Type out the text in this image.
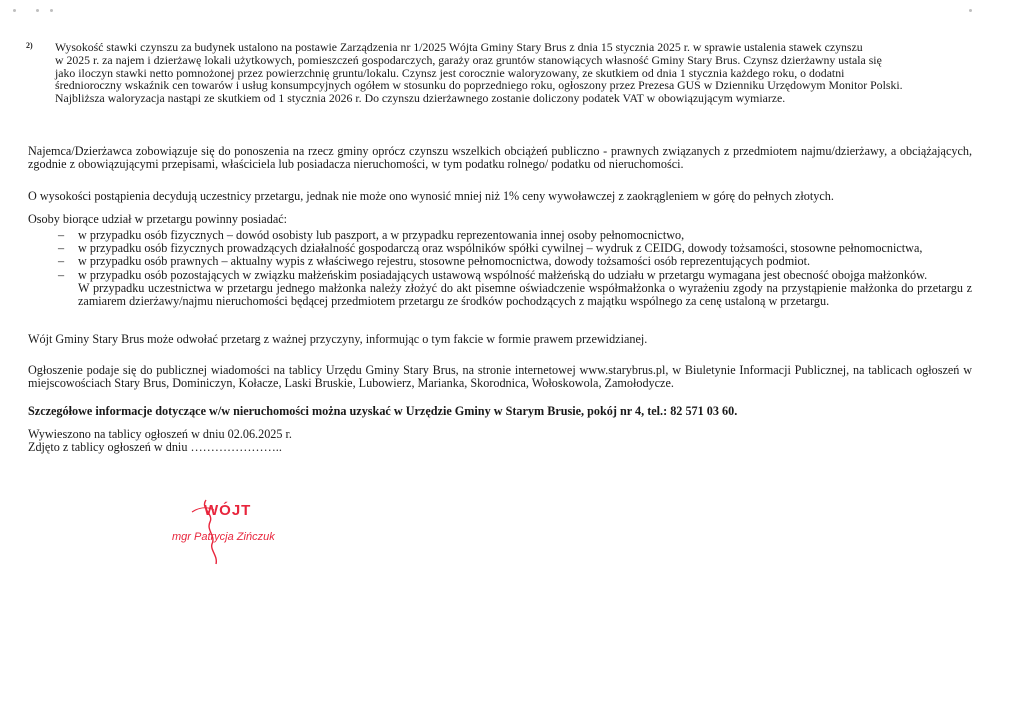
2) Wysokość stawki czynszu za budynek ustalono na postawie Zarządzenia nr 1/2025 Wójta Gminy Stary Brus z dnia 15 stycznia 2025 r. w sprawie ustalenia stawek czynszu
w 2025 r. za najem i dzierżawę lokali użytkowych, pomieszczeń gospodarczych, garaży oraz gruntów stanowiących własność Gminy Stary Brus. Czynsz dzierżawny ustala się
jako iloczyn stawki netto pomnożonej przez powierzchnię gruntu/lokalu. Czynsz jest corocznie waloryzowany, ze skutkiem od dnia 1 stycznia każdego roku, o dodatni
średnioroczny wskaźnik cen towarów i usług konsumpcyjnych ogółem w stosunku do poprzedniego roku, ogłoszony przez Prezesa GUS w Dzienniku Urzędowym Monitor Polski.
Najbliższa waloryzacja nastąpi ze skutkiem od 1 stycznia 2026 r. Do czynszu dzierżawnego zostanie doliczony podatek VAT w obowiązującym wymiarze.

Najemca/Dzierżawca zobowiązuje się do ponoszenia na rzecz gminy oprócz czynszu wszelkich obciążeń publiczno - prawnych związanych z przedmiotem najmu/dzierżawy, a obciążających, zgodnie z obowiązującymi przepisami, właściciela lub posiadacza nieruchomości, w tym podatku rolnego/ podatku od nieruchomości.

O wysokości postąpienia decydują uczestnicy przetargu, jednak nie może ono wynosić mniej niż 1% ceny wywoławczej z zaokrągleniem w górę do pełnych złotych.

Osoby biorące udział w przetargu powinny posiadać:

– w przypadku osób fizycznych – dowód osobisty lub paszport, a w przypadku reprezentowania innej osoby pełnomocnictwo,
– w przypadku osób fizycznych prowadzących działalność gospodarczą oraz wspólników spółki cywilnej – wydruk z CEIDG, dowody tożsamości, stosowne pełnomocnictwa,
– w przypadku osób prawnych – aktualny wypis z właściwego rejestru, stosowne pełnomocnictwa, dowody tożsamości osób reprezentujących podmiot.
– w przypadku osób pozostających w związku małżeńskim posiadających ustawową wspólność małżeńską do udziału w przetargu wymagana jest obecność obojga małżonków.
W przypadku uczestnictwa w przetargu jednego małżonka należy złożyć do akt pisemne oświadczenie współmałżonka o wyrażeniu zgody na przystąpienie małżonka do przetargu z zamiarem dzierżawy/najmu nieruchomości będącej przedmiotem przetargu ze środków pochodzących z majątku wspólnego za cenę ustaloną w przetargu.

Wójt Gminy Stary Brus może odwołać przetarg z ważnej przyczyny, informując o tym fakcie w formie prawem przewidzianej.

Ogłoszenie podaje się do publicznej wiadomości na tablicy Urzędu Gminy Stary Brus, na stronie internetowej www.starybrus.pl, w Biuletynie Informacji Publicznej, na tablicach ogłoszeń w miejscowościach Stary Brus, Dominiczyn, Kołacze, Laski Bruskie, Lubowierz, Marianka, Skorodnica, Wołoskowola, Zamołodycze.

Szczegółowe informacje dotyczące w/w nieruchomości można uzyskać w Urzędzie Gminy w Starym Brusie, pokój nr 4, tel.: 82 571 03 60.

Wywieszono na tablicy ogłoszeń w dniu 02.06.2025 r.

Zdjęto z tablicy ogłoszeń w dniu …………………..

WÓJT
mgr Patrycja Zińczuk
